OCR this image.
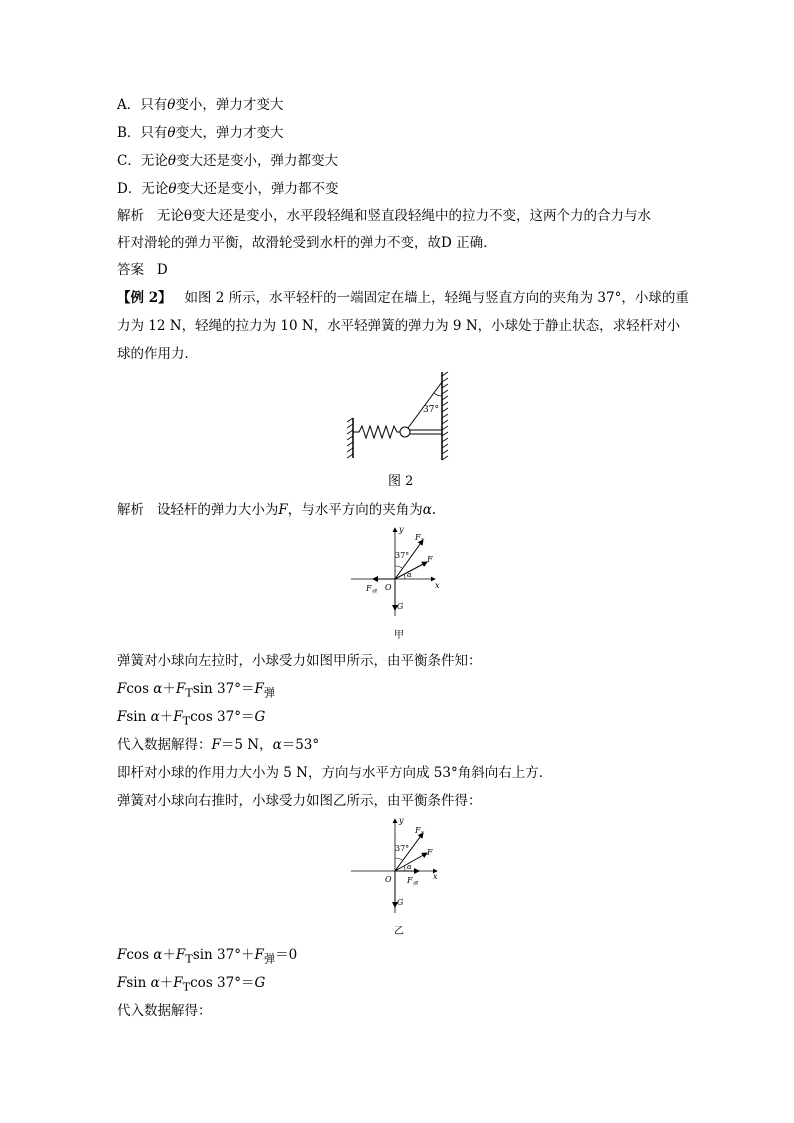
A．只有θ变小，弹力才变大
B．只有θ变大，弹力才变大
C．无论θ变大还是变小，弹力都变大
D．无论θ变大还是变小，弹力都不变
解析 无论θ变大还是变小，水平段轻绳和竖直段轻绳中的拉力不变，这两个力的合力与水
杆对滑轮的弹力平衡，故滑轮受到水杆的弹力不变，故D 正确．
答案 D
【例 2】 如图 2 所示，水平轻杆的一端固定在墙上，轻绳与竖直方向的夹角为 37°，小球的重
力为 12 N，轻绳的拉力为 10 N，水平轻弹簧的弹力为 9 N，小球处于静止状态，求轻杆对小
球的作用力．
37°
图 2
解析 设轻杆的弹力大小为F，与水平方向的夹角为α.
y
x
O
$F_T$
37° F
α
$F_弹$
G
甲
弹簧对小球向左拉时，小球受力如图甲所示，由平衡条件知：
Fcos $\alpha+F_T\sin$ $37^\circ=F_弹$
Fsin $\alpha+F_T\cos$ 37°＝G
代入数据解得：F＝5 N，α＝53°
即杆对小球的作用力大小为 5 N，方向与水平方向成 53°角斜向右上方．
弹簧对小球向右推时，小球受力如图乙所示，由平衡条件得：
y
x
O
$F_T$
37° F
α
$F_弹$
G
乙
Fcos $\alpha+F_T\sin$ $37^\circ+F_弹=0$
Fsin $\alpha+F_T\cos$ 37°＝G
代入数据解得：
